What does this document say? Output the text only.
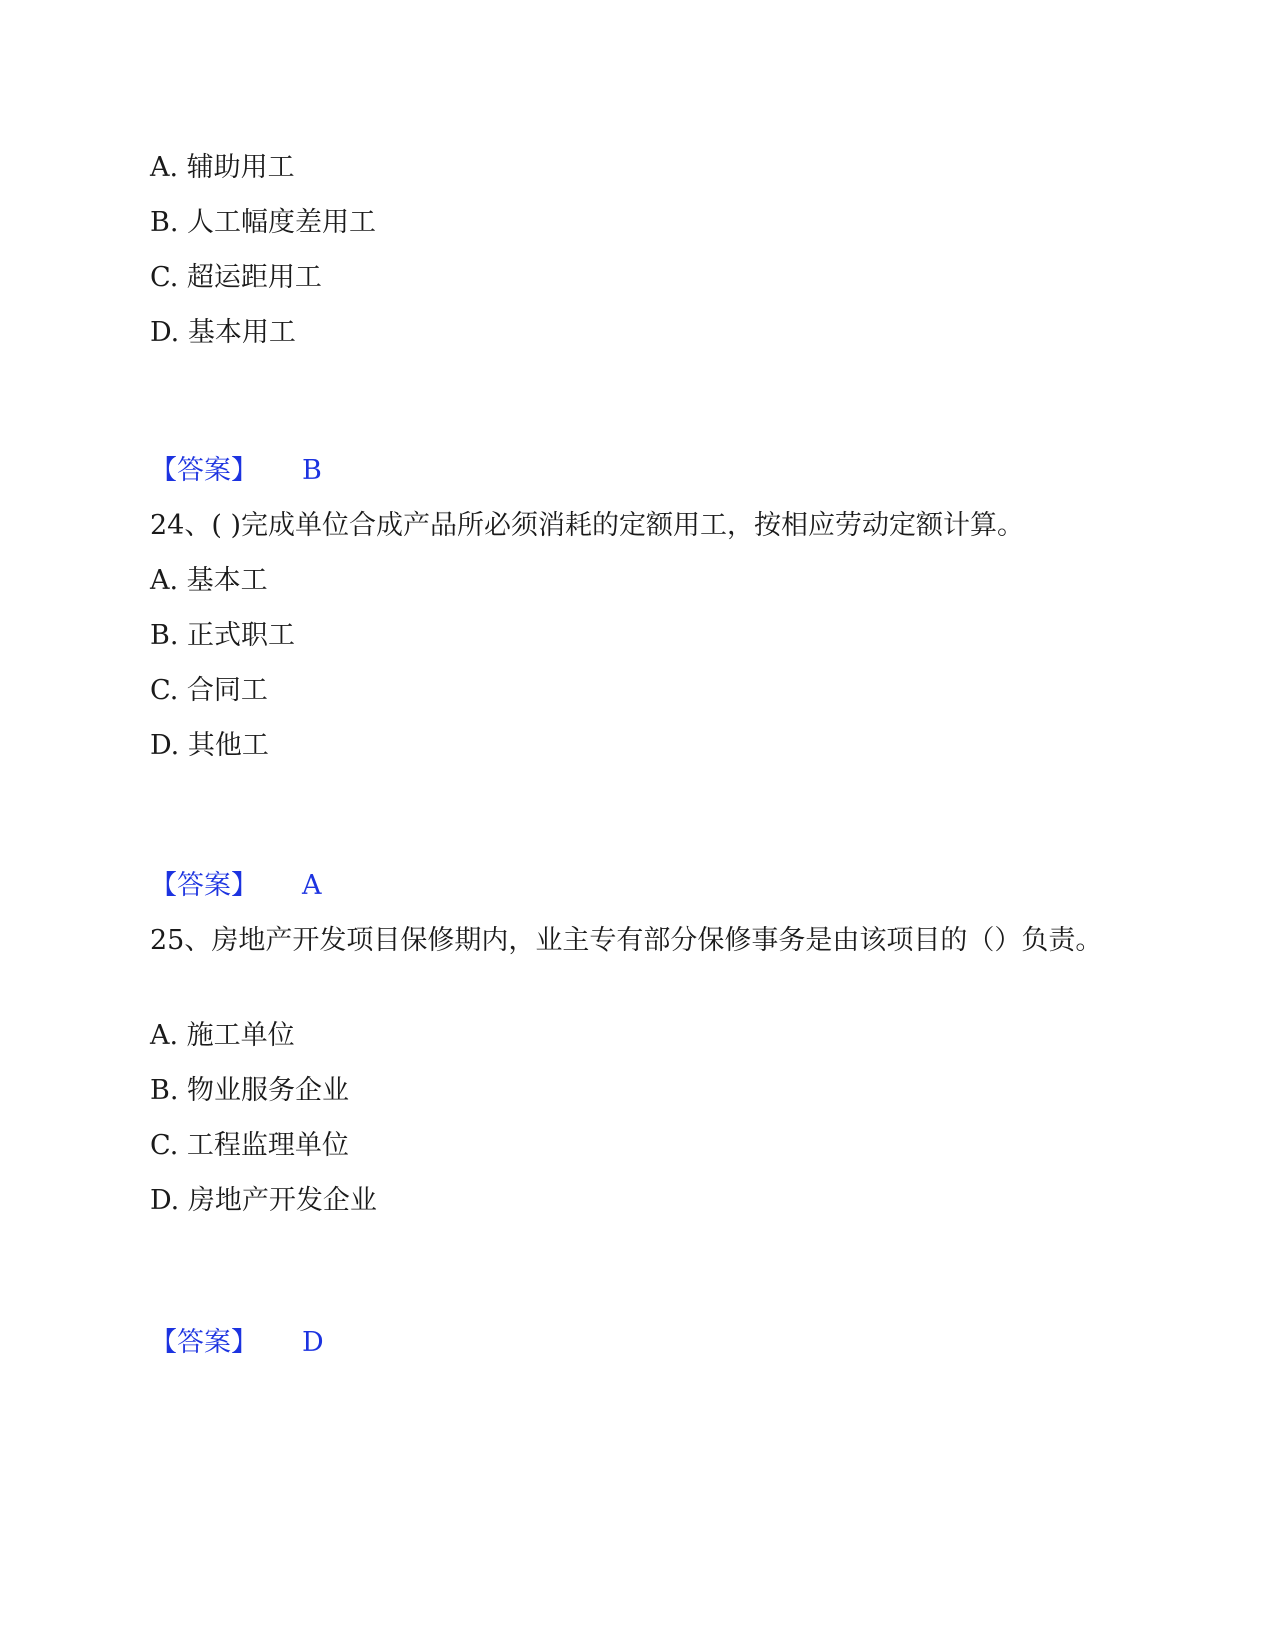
A. 辅助用工
B. 人工幅度差用工
C. 超运距用工
D. 基本用工
【答案】 B
24、( )完成单位合成产品所必须消耗的定额用工，按相应劳动定额计算。
A. 基本工
B. 正式职工
C. 合同工
D. 其他工
【答案】 A
25、房地产开发项目保修期内，业主专有部分保修事务是由该项目的（）负责。
A. 施工单位
B. 物业服务企业
C. 工程监理单位
D. 房地产开发企业
【答案】 D
